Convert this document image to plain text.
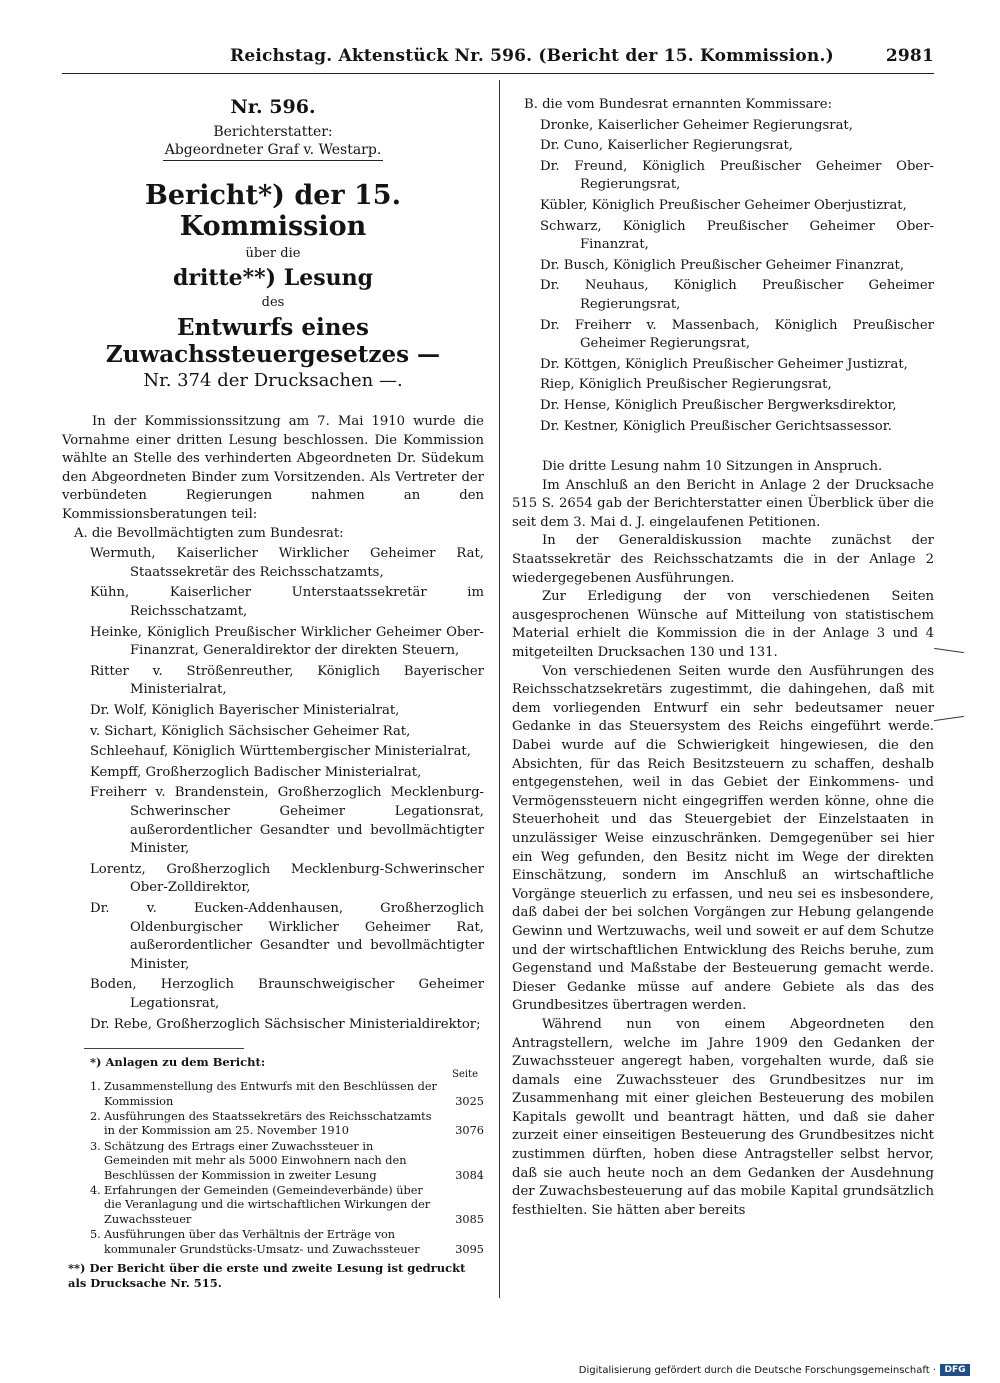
Reichstag. Aktenstück Nr. 596. (Bericht der 15. Kommission.)	2981

Nr. 596.

Berichterstatter:

Abgeordneter Graf v. Westarp.

Bericht*) der 15. Kommission

über die

dritte**) Lesung

des

Entwurfs eines Zuwachssteuergesetzes —

Nr. 374 der Drucksachen —.

In der Kommissionssitzung am 7. Mai 1910 wurde die Vornahme einer dritten Lesung beschlossen. Die Kommission wählte an Stelle des verhinderten Abgeordneten Dr. Südekum den Abgeordneten Binder zum Vorsitzenden. Als Vertreter der verbündeten Regierungen nahmen an den Kommissionsberatungen teil:

A. die Bevollmächtigten zum Bundesrat:

Wermuth, Kaiserlicher Wirklicher Geheimer Rat, Staatssekretär des Reichsschatzamts,

Kühn, Kaiserlicher Unterstaatssekretär im Reichsschatzamt,

Heinke, Königlich Preußischer Wirklicher Geheimer Ober-Finanzrat, Generaldirektor der direkten Steuern,

Ritter v. Strößenreuther, Königlich Bayerischer Ministerialrat,

Dr. Wolf, Königlich Bayerischer Ministerialrat,

v. Sichart, Königlich Sächsischer Geheimer Rat,

Schleehauf, Königlich Württembergischer Ministerialrat,

Kempff, Großherzoglich Badischer Ministerialrat,

Freiherr v. Brandenstein, Großherzoglich Mecklenburg-Schwerinscher Geheimer Legationsrat, außerordentlicher Gesandter und bevollmächtigter Minister,

Lorentz, Großherzoglich Mecklenburg-Schwerinscher Ober-Zolldirektor,

Dr. v. Eucken-Addenhausen, Großherzoglich Oldenburgischer Wirklicher Geheimer Rat, außerordentlicher Gesandter und bevollmächtigter Minister,

Boden, Herzoglich Braunschweigischer Geheimer Legationsrat,

Dr. Rebe, Großherzoglich Sächsischer Ministerialdirektor;

*) Anlagen zu dem Bericht:

Seite

1. Zusammenstellung des Entwurfs mit den Beschlüssen der Kommission	3025
2. Ausführungen des Staatssekretärs des Reichsschatzamts in der Kommission am 25. November 1910	3076
3. Schätzung des Ertrags einer Zuwachssteuer in Gemeinden mit mehr als 5000 Einwohnern nach den Beschlüssen der Kommission in zweiter Lesung	3084
4. Erfahrungen der Gemeinden (Gemeindeverbände) über die Veranlagung und die wirtschaftlichen Wirkungen der Zuwachssteuer	3085
5. Ausführungen über das Verhältnis der Erträge von kommunaler Grundstücks-Umsatz- und Zuwachssteuer	3095

**) Der Bericht über die erste und zweite Lesung ist gedruckt als Drucksache Nr. 515.

B. die vom Bundesrat ernannten Kommissare:

Dronke, Kaiserlicher Geheimer Regierungsrat,

Dr. Cuno, Kaiserlicher Regierungsrat,

Dr. Freund, Königlich Preußischer Geheimer Ober-Regierungsrat,

Kübler, Königlich Preußischer Geheimer Oberjustizrat,

Schwarz, Königlich Preußischer Geheimer Ober-Finanzrat,

Dr. Busch, Königlich Preußischer Geheimer Finanzrat,

Dr. Neuhaus, Königlich Preußischer Geheimer Regierungsrat,

Dr. Freiherr v. Massenbach, Königlich Preußischer Geheimer Regierungsrat,

Dr. Köttgen, Königlich Preußischer Geheimer Justizrat,

Riep, Königlich Preußischer Regierungsrat,

Dr. Hense, Königlich Preußischer Bergwerksdirektor,

Dr. Kestner, Königlich Preußischer Gerichtsassessor.

Die dritte Lesung nahm 10 Sitzungen in Anspruch.

Im Anschluß an den Bericht in Anlage 2 der Drucksache 515 S. 2654 gab der Berichterstatter einen Überblick über die seit dem 3. Mai d. J. eingelaufenen Petitionen.

In der Generaldiskussion machte zunächst der Staatssekretär des Reichsschatzamts die in der Anlage 2 wiedergegebenen Ausführungen.

Zur Erledigung der von verschiedenen Seiten ausgesprochenen Wünsche auf Mitteilung von statistischem Material erhielt die Kommission die in der Anlage 3 und 4 mitgeteilten Drucksachen 130 und 131.

Von verschiedenen Seiten wurde den Ausführungen des Reichsschatzsekretärs zugestimmt, die dahingehen, daß mit dem vorliegenden Entwurf ein sehr bedeutsamer neuer Gedanke in das Steuersystem des Reichs eingeführt werde. Dabei wurde auf die Schwierigkeit hingewiesen, die den Absichten, für das Reich Besitzsteuern zu schaffen, deshalb entgegenstehen, weil in das Gebiet der Einkommens- und Vermögenssteuern nicht eingegriffen werden könne, ohne die Steuerhoheit und das Steuergebiet der Einzelstaaten in unzulässiger Weise einzuschränken. Demgegenüber sei hier ein Weg gefunden, den Besitz nicht im Wege der direkten Einschätzung, sondern im Anschluß an wirtschaftliche Vorgänge steuerlich zu erfassen, und neu sei es insbesondere, daß dabei der bei solchen Vorgängen zur Hebung gelangende Gewinn und Wertzuwachs, weil und soweit er auf dem Schutze und der wirtschaftlichen Entwicklung des Reichs beruhe, zum Gegenstand und Maßstabe der Besteuerung gemacht werde. Dieser Gedanke müsse auf andere Gebiete als das des Grundbesitzes übertragen werden.

Während nun von einem Abgeordneten den Antragstellern, welche im Jahre 1909 den Gedanken der Zuwachssteuer angeregt haben, vorgehalten wurde, daß sie damals eine Zuwachssteuer des Grundbesitzes nur im Zusammenhang mit einer gleichen Besteuerung des mobilen Kapitals gewollt und beantragt hätten, und daß sie daher zurzeit einer einseitigen Besteuerung des Grundbesitzes nicht zustimmen dürften, hoben diese Antragsteller selbst hervor, daß sie auch heute noch an dem Gedanken der Ausdehnung der Zuwachsbesteuerung auf das mobile Kapital grundsätzlich festhielten. Sie hätten aber bereits

Digitalisierung gefördert durch die Deutsche Forschungsgemeinschaft · DFG
